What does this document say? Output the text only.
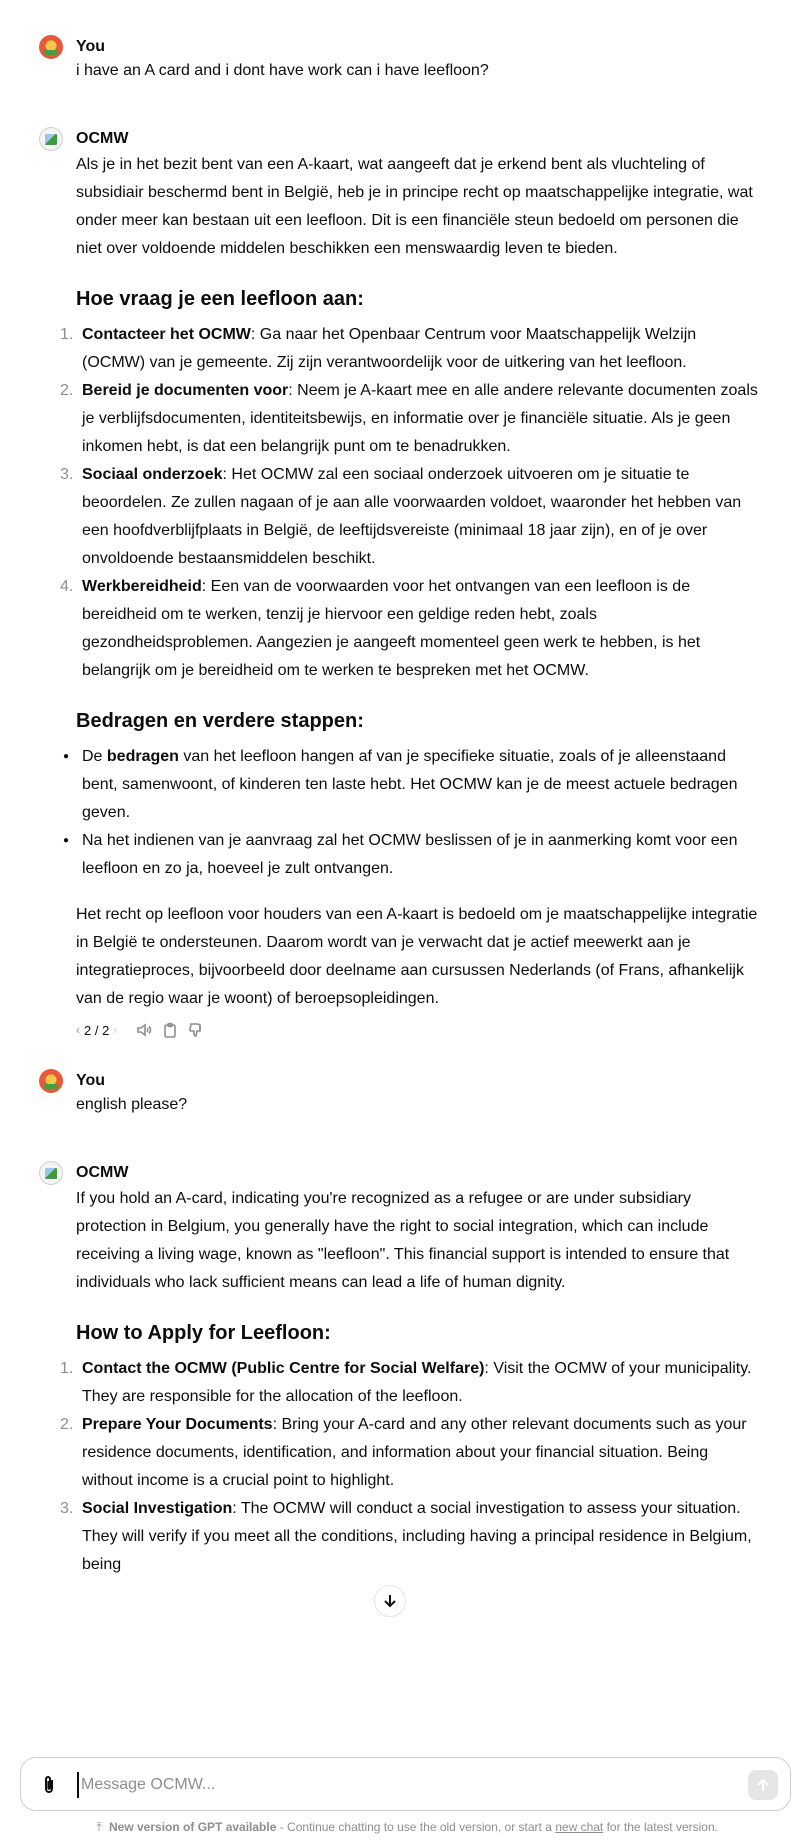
You
i have an A card and i dont have work can i have leefloon?
OCMW
Als je in het bezit bent van een A-kaart, wat aangeeft dat je erkend bent als vluchteling of subsidiair beschermd bent in België, heb je in principe recht op maatschappelijke integratie, wat onder meer kan bestaan uit een leefloon. Dit is een financiële steun bedoeld om personen die niet over voldoende middelen beschikken een menswaardig leven te bieden.
Hoe vraag je een leefloon aan:
1. Contacteer het OCMW: Ga naar het Openbaar Centrum voor Maatschappelijk Welzijn (OCMW) van je gemeente. Zij zijn verantwoordelijk voor de uitkering van het leefloon.
2. Bereid je documenten voor: Neem je A-kaart mee en alle andere relevante documenten zoals je verblijfsdocumenten, identiteitsbewijs, en informatie over je financiële situatie. Als je geen inkomen hebt, is dat een belangrijk punt om te benadrukken.
3. Sociaal onderzoek: Het OCMW zal een sociaal onderzoek uitvoeren om je situatie te beoordelen. Ze zullen nagaan of je aan alle voorwaarden voldoet, waaronder het hebben van een hoofdverblijfplaats in België, de leeftijdsvereiste (minimaal 18 jaar zijn), en of je over onvoldoende bestaansmiddelen beschikt.
4. Werkbereidheid: Een van de voorwaarden voor het ontvangen van een leefloon is de bereidheid om te werken, tenzij je hiervoor een geldige reden hebt, zoals gezondheidsproblemen. Aangezien je aangeeft momenteel geen werk te hebben, is het belangrijk om je bereidheid om te werken te bespreken met het OCMW.
Bedragen en verdere stappen:
● De bedragen van het leefloon hangen af van je specifieke situatie, zoals of je alleenstaand bent, samenwoont, of kinderen ten laste hebt. Het OCMW kan je de meest actuele bedragen geven.
● Na het indienen van je aanvraag zal het OCMW beslissen of je in aanmerking komt voor een leefloon en zo ja, hoeveel je zult ontvangen.
Het recht op leefloon voor houders van een A-kaart is bedoeld om je maatschappelijke integratie in België te ondersteunen. Daarom wordt van je verwacht dat je actief meewerkt aan je integratieproces, bijvoorbeeld door deelname aan cursussen Nederlands (of Frans, afhankelijk van de regio waar je woont) of beroepsopleidingen.
‹ 2 / 2 ›
You
english please?
OCMW
If you hold an A-card, indicating you're recognized as a refugee or are under subsidiary protection in Belgium, you generally have the right to social integration, which can include receiving a living wage, known as "leefloon". This financial support is intended to ensure that individuals who lack sufficient means can lead a life of human dignity.
How to Apply for Leefloon:
1. Contact the OCMW (Public Centre for Social Welfare): Visit the OCMW of your municipality. They are responsible for the allocation of the leefloon.
2. Prepare Your Documents: Bring your A-card and any other relevant documents such as your residence documents, identification, and information about your financial situation. Being without income is a crucial point to highlight.
3. Social Investigation: The OCMW will conduct a social investigation to assess your situation. They will verify if you meet all the conditions, including having a principal residence in Belgium, being
Message OCMW...
⤒ New version of GPT available - Continue chatting to use the old version, or start a new chat for the latest version.
